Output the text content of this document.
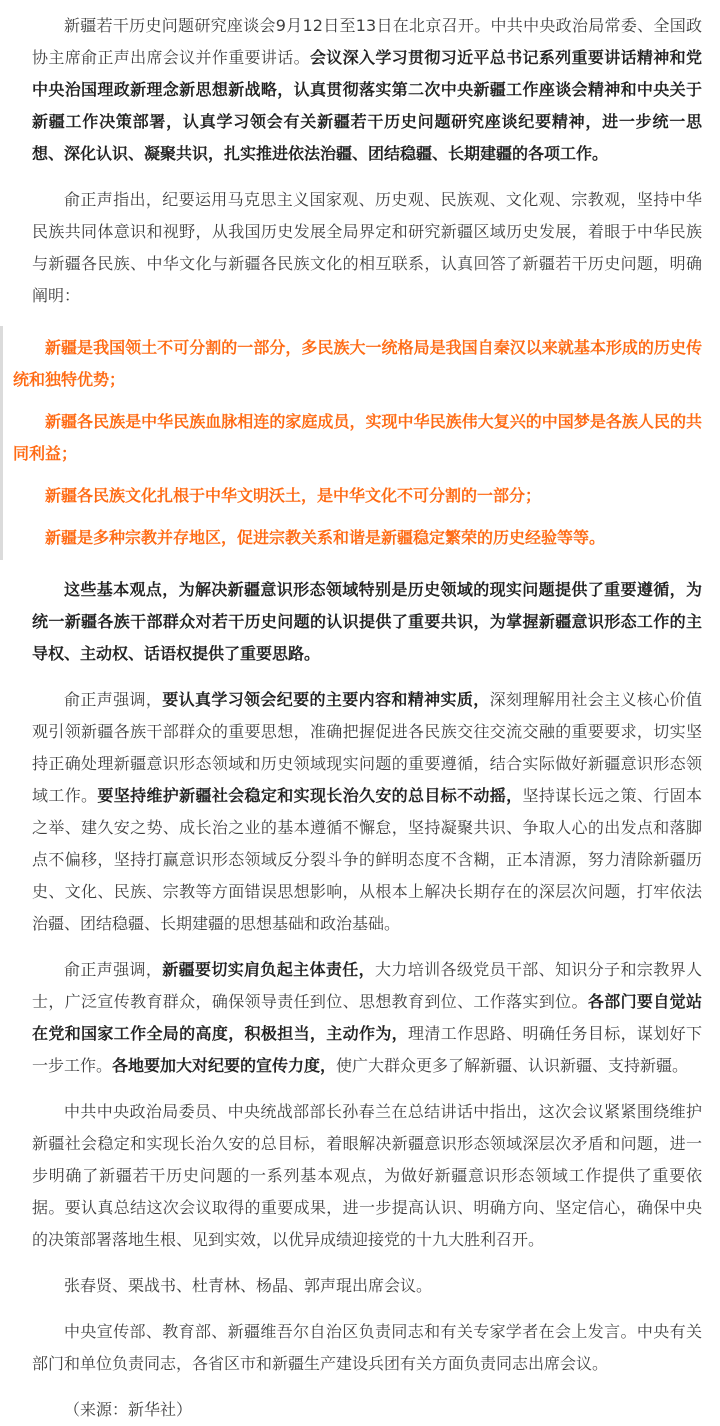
新疆若干历史问题研究座谈会9月12日至13日在北京召开。中共中央政治局常委、全国政协主席俞正声出席会议并作重要讲话。会议深入学习贯彻习近平总书记系列重要讲话精神和党中央治国理政新理念新思想新战略，认真贯彻落实第二次中央新疆工作座谈会精神和中央关于新疆工作决策部署，认真学习领会有关新疆若干历史问题研究座谈纪要精神，进一步统一思想、深化认识、凝聚共识，扎实推进依法治疆、团结稳疆、长期建疆的各项工作。

俞正声指出，纪要运用马克思主义国家观、历史观、民族观、文化观、宗教观，坚持中华民族共同体意识和视野，从我国历史发展全局界定和研究新疆区域历史发展，着眼于中华民族与新疆各民族、中华文化与新疆各民族文化的相互联系，认真回答了新疆若干历史问题，明确阐明：

新疆是我国领土不可分割的一部分，多民族大一统格局是我国自秦汉以来就基本形成的历史传统和独特优势；

新疆各民族是中华民族血脉相连的家庭成员，实现中华民族伟大复兴的中国梦是各族人民的共同利益；

新疆各民族文化扎根于中华文明沃土，是中华文化不可分割的一部分；

新疆是多种宗教并存地区，促进宗教关系和谐是新疆稳定繁荣的历史经验等等。

这些基本观点，为解决新疆意识形态领域特别是历史领域的现实问题提供了重要遵循，为统一新疆各族干部群众对若干历史问题的认识提供了重要共识，为掌握新疆意识形态工作的主导权、主动权、话语权提供了重要思路。

俞正声强调，要认真学习领会纪要的主要内容和精神实质，深刻理解用社会主义核心价值观引领新疆各族干部群众的重要思想，准确把握促进各民族交往交流交融的重要要求，切实坚持正确处理新疆意识形态领域和历史领域现实问题的重要遵循，结合实际做好新疆意识形态领域工作。要坚持维护新疆社会稳定和实现长治久安的总目标不动摇，坚持谋长远之策、行固本之举、建久安之势、成长治之业的基本遵循不懈怠，坚持凝聚共识、争取人心的出发点和落脚点不偏移，坚持打赢意识形态领域反分裂斗争的鲜明态度不含糊，正本清源，努力清除新疆历史、文化、民族、宗教等方面错误思想影响，从根本上解决长期存在的深层次问题，打牢依法治疆、团结稳疆、长期建疆的思想基础和政治基础。

俞正声强调，新疆要切实肩负起主体责任，大力培训各级党员干部、知识分子和宗教界人士，广泛宣传教育群众，确保领导责任到位、思想教育到位、工作落实到位。各部门要自觉站在党和国家工作全局的高度，积极担当，主动作为，理清工作思路、明确任务目标，谋划好下一步工作。各地要加大对纪要的宣传力度，使广大群众更多了解新疆、认识新疆、支持新疆。

中共中央政治局委员、中央统战部部长孙春兰在总结讲话中指出，这次会议紧紧围绕维护新疆社会稳定和实现长治久安的总目标，着眼解决新疆意识形态领域深层次矛盾和问题，进一步明确了新疆若干历史问题的一系列基本观点，为做好新疆意识形态领域工作提供了重要依据。要认真总结这次会议取得的重要成果，进一步提高认识、明确方向、坚定信心，确保中央的决策部署落地生根、见到实效，以优异成绩迎接党的十九大胜利召开。

张春贤、栗战书、杜青林、杨晶、郭声琨出席会议。

中央宣传部、教育部、新疆维吾尔自治区负责同志和有关专家学者在会上发言。中央有关部门和单位负责同志，各省区市和新疆生产建设兵团有关方面负责同志出席会议。

（来源：新华社）
